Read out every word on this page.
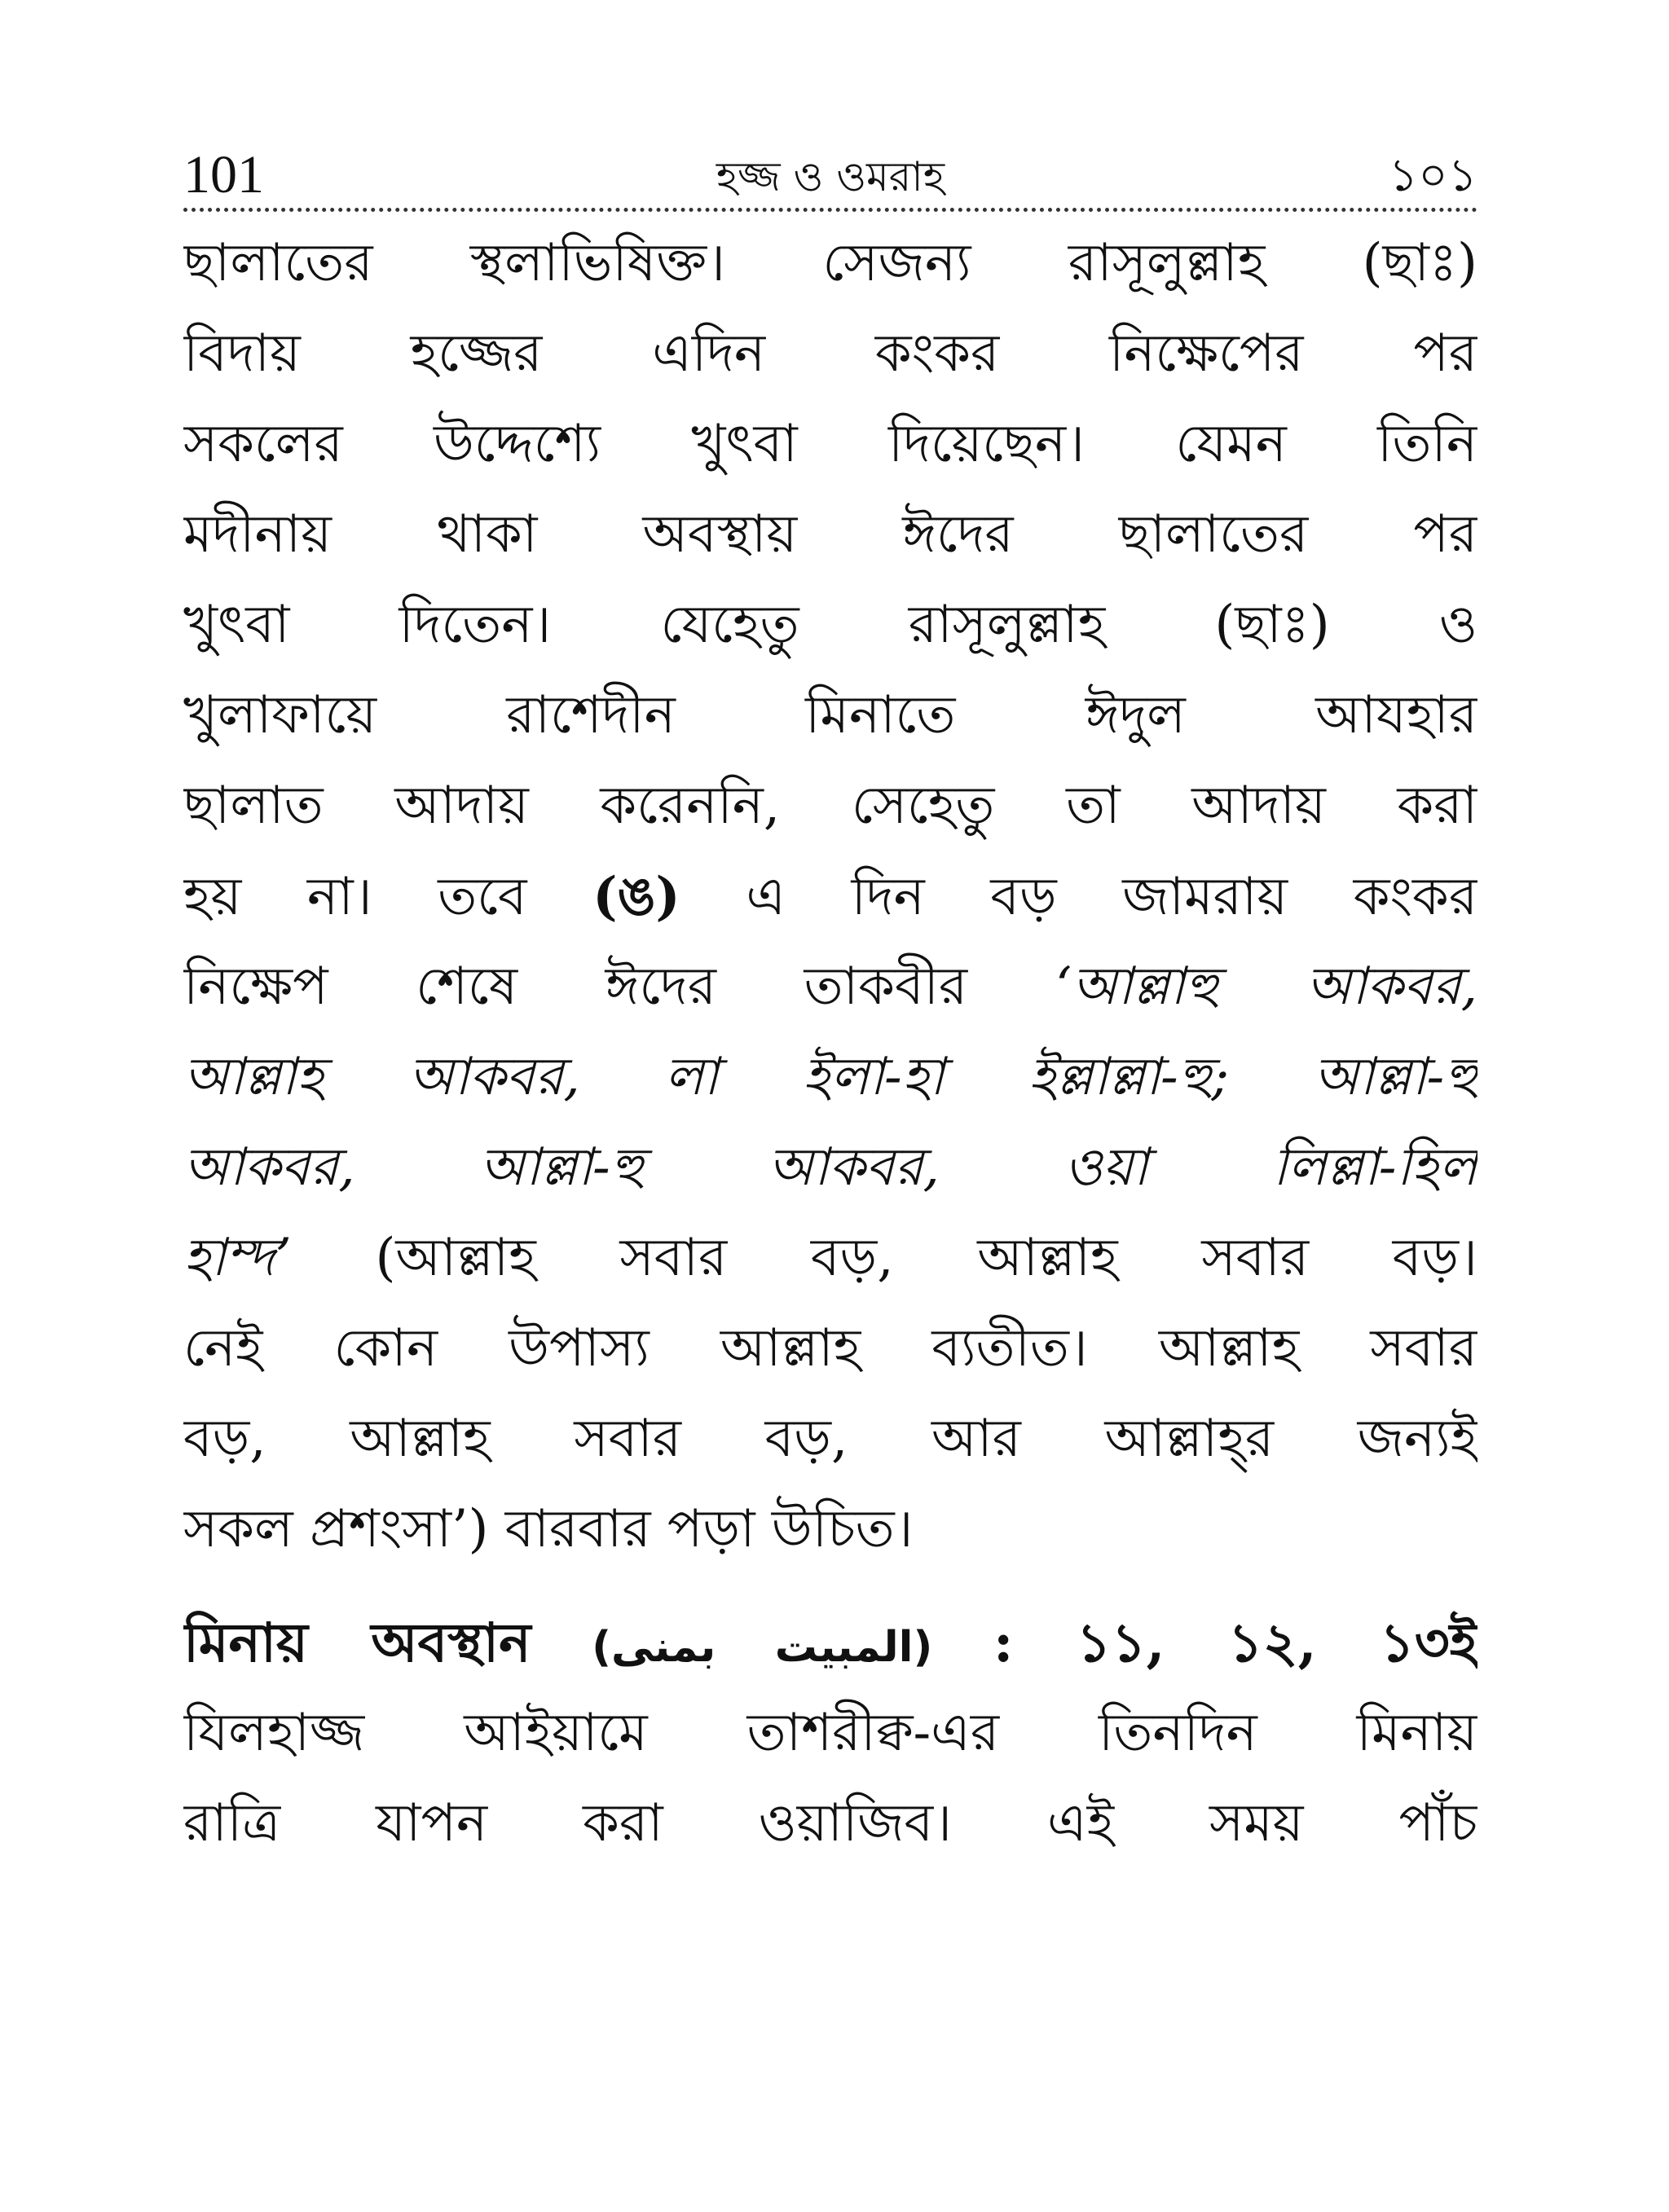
101	হজ্জ ও ওমরাহ	১০১
ছালাতের স্থলাভিষিক্ত। সেজন্য রাসূলুল্লাহ (ছাঃ)
বিদায় হজ্জের এদিন কংকর নিক্ষেপের পর
সকলের উদ্দেশ্যে খুৎবা দিয়েছেন। যেমন তিনি
মদীনায় থাকা অবস্থায় ঈদের ছালাতের পর
খুৎবা দিতেন। যেহেতু রাসূলুল্লাহ (ছাঃ) ও
খুলাফায়ে রাশেদীন মিনাতে ঈদুল আযহার
ছালাত আদায় করেননি, সেহেতু তা আদায় করা
হয় না। তবে (ঙ) এ দিন বড় জামরায় কংকর
নিক্ষেপ শেষে ঈদের তাকবীর ‘আল্লাহু আকবর,
আল্লাহ আকবর, লা ইলা-হা ইল্লাল্লা-হু; আল্লা-হু
আকবর, আল্লা-হু আকবর, ওয়া লিল্লা-হিল
হাম্দ’ (আল্লাহ সবার বড়, আল্লাহ সবার বড়।
নেই কোন উপাস্য আল্লাহ ব্যতীত। আল্লাহ সবার
বড়, আল্লাহ সবার বড়, আর আল্লাহ্‌র জন্যই
সকল প্রশংসা’) বারবার পড়া উচিত।
মিনায় অবস্থান (المبيت بمنى) : ১১, ১২, ১৩ই
যিলহাজ্জ আইয়ামে তাশরীক্ব-এর তিনদিন মিনায়
রাত্রি যাপন করা ওয়াজিব। এই সময় পাঁচ
